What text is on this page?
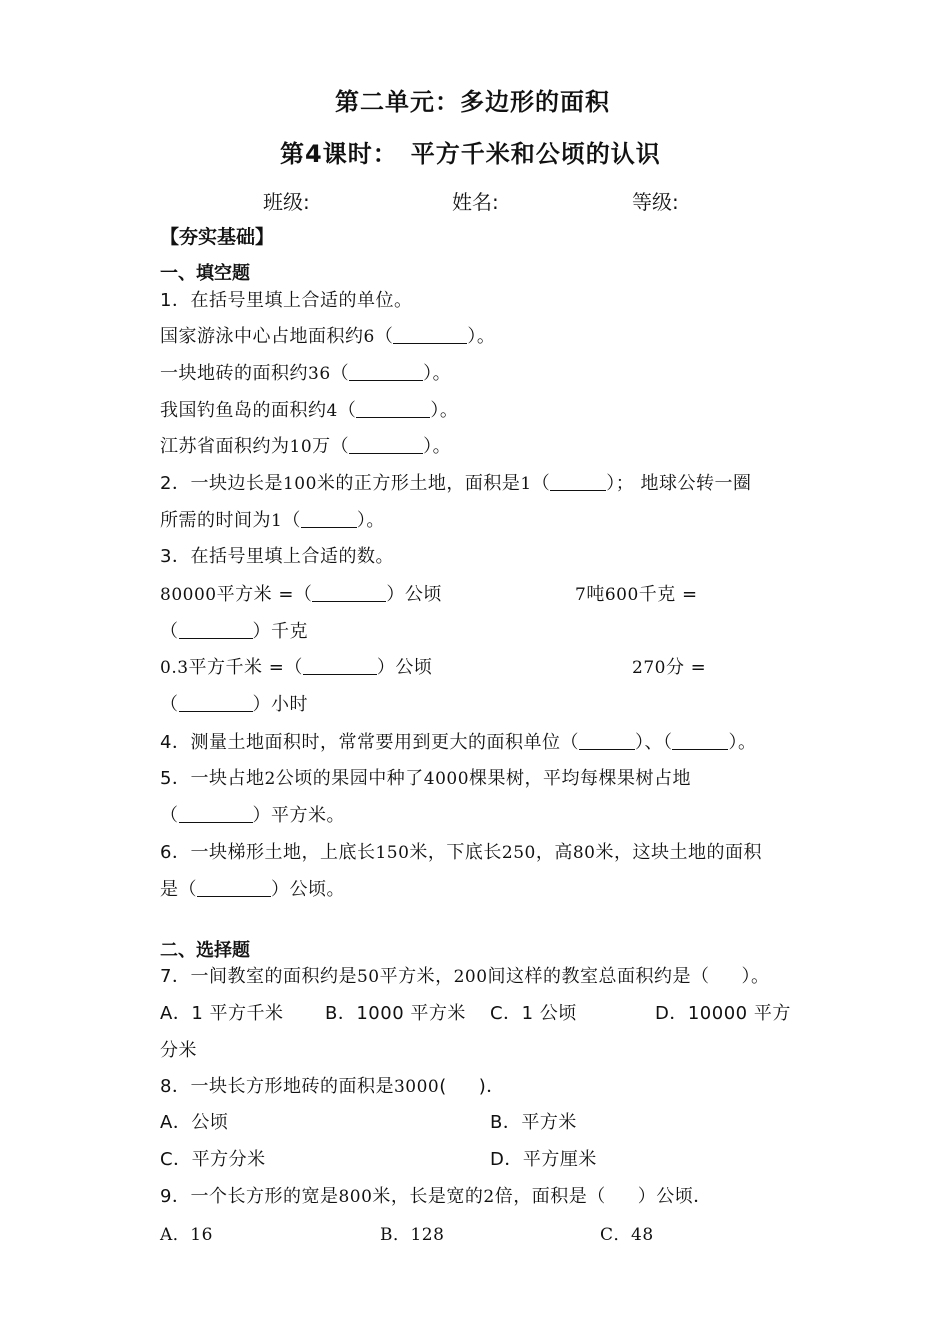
第二单元：多边形的面积
第4课时：　平方千米和公顷的认识
班级:	姓名:	等级:
【夯实基础】
一、填空题
1．在括号里填上合适的单位。
国家游泳中心占地面积约6（	）。
一块地砖的面积约36（	）。
我国钓鱼岛的面积约4（	）。
江苏省面积约为10万（	）。
2．一块边长是100米的正方形土地，面积是1（	）； 地球公转一圈
所需的时间为1（	）。
3．在括号里填上合适的数。
80000平方米 =（	）公顷	7吨600千克 =
（	）千克
0.3平方千米 =（	）公顷	270分 =
（	）小时
4．测量土地面积时，常常要用到更大的面积单位（	）、（	）。
5．一块占地2公顷的果园中种了4000棵果树，平均每棵果树占地
（	）平方米。
6．一块梯形土地，上底长150米，下底长250，高80米，这块土地的面积
是（	）公顷。
二、选择题
7．一间教室的面积约是50平方米，200间这样的教室总面积约是（ ）。
A．1 平方千米 B．1000 平方米 C．1 公顷	D．10000 平方
分米
8．一块长方形地砖的面积是3000( )．
A．公顷	B．平方米
C．平方分米	D．平方厘米
9．一个长方形的宽是800米，长是宽的2倍，面积是（ ）公顷．
A．16	B．128	C．48
